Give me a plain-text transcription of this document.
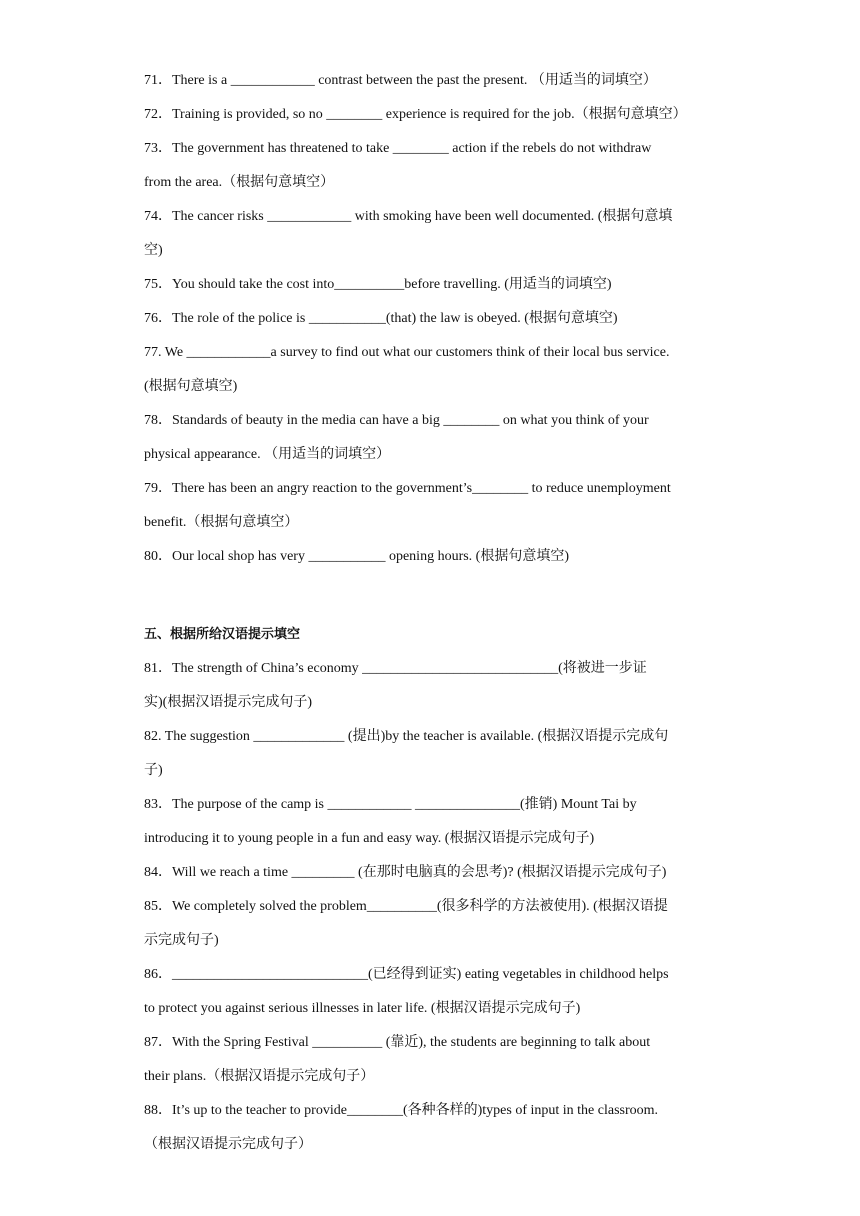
71．There is a ____________ contrast between the past the present. （用适当的词填空）
72．Training is provided, so no ________ experience is required for the job.（根据句意填空）
73．The government has threatened to take ________ action if the rebels do not withdraw
from the area.（根据句意填空）
74．The cancer risks ____________ with smoking have been well documented. (根据句意填
空)
75．You should take the cost into__________before travelling. (用适当的词填空)
76．The role of the police is ___________(that) the law is obeyed. (根据句意填空)
77. We ____________a survey to find out what our customers think of their local bus service.
(根据句意填空)
78．Standards of beauty in the media can have a big ________ on what you think of your
physical appearance. （用适当的词填空）
79．There has been an angry reaction to the government’s________ to reduce unemployment
benefit.（根据句意填空）
80．Our local shop has very ___________ opening hours. (根据句意填空)
五、根据所给汉语提示填空
81．The strength of China’s economy ____________________________(将被进一步证
实)(根据汉语提示完成句子)
82. The suggestion _____________ (提出)by the teacher is available. (根据汉语提示完成句
子)
83．The purpose of the camp is ____________ _______________(推销) Mount Tai by
introducing it to young people in a fun and easy way. (根据汉语提示完成句子)
84．Will we reach a time _________ (在那时电脑真的会思考)? (根据汉语提示完成句子)
85．We completely solved the problem__________(很多科学的方法被使用). (根据汉语提
示完成句子)
86．____________________________(已经得到证实) eating vegetables in childhood helps
to protect you against serious illnesses in later life. (根据汉语提示完成句子)
87．With the Spring Festival __________ (靠近), the students are beginning to talk about
their plans.（根据汉语提示完成句子）
88．It’s up to the teacher to provide________(各种各样的)types of input in the classroom.
（根据汉语提示完成句子）
